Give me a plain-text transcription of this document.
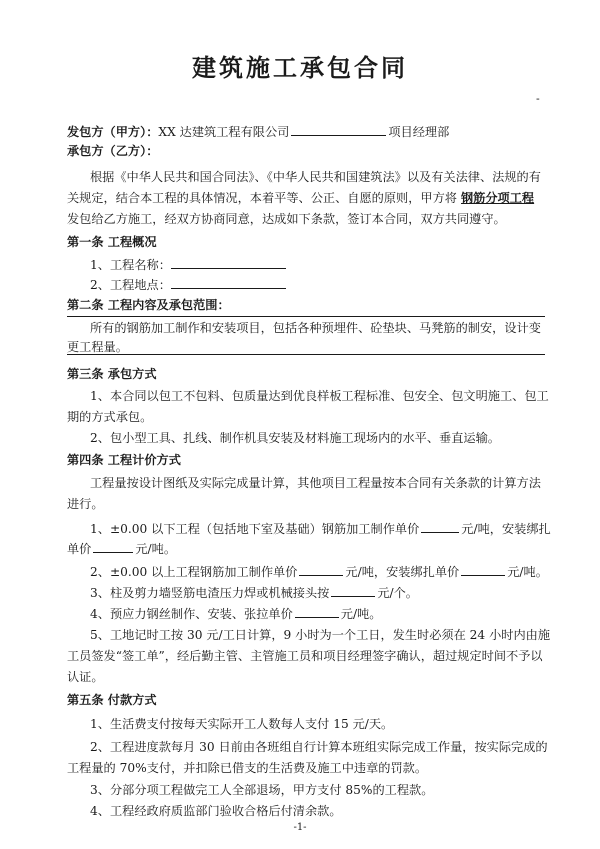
建筑施工承包合同
-
发包方（甲方）：XX 达建筑工程有限公司	项目经理部
承包方（乙方）：
根据《中华人民共和国合同法》、《中华人民共和国建筑法》以及有关法律、法规的有
关规定，结合本工程的具体情况，本着平等、公正、自愿的原则，甲方将 钢筋分项工程
发包给乙方施工，经双方协商同意，达成如下条款，签订本合同，双方共同遵守。
第一条 工程概况
1、工程名称：
2、工程地点：
第二条 工程内容及承包范围：
所有的钢筋加工制作和安装项目，包括各种预埋件、砼垫块、马凳筋的制安，设计变
更工程量。
第三条 承包方式
1、本合同以包工不包料、包质量达到优良样板工程标准、包安全、包文明施工、包工
期的方式承包。
2、包小型工具、扎线、制作机具安装及材料施工现场内的水平、垂直运输。
第四条 工程计价方式
工程量按设计图纸及实际完成量计算，其他项目工程量按本合同有关条款的计算方法
进行。
1、±0.00 以下工程（包括地下室及基础）钢筋加工制作单价	元/吨，安装绑扎
单价	元/吨。
2、±0.00 以上工程钢筋加工制作单价	元/吨，安装绑扎单价	元/吨。
3、柱及剪力墙竖筋电渣压力焊或机械接头按	元/个。
4、预应力钢丝制作、安装、张拉单价	元/吨。
5、工地记时工按 30 元/工日计算，9 小时为一个工日，发生时必须在 24 小时内由施
工员签发“签工单”，经后勤主管、主管施工员和项目经理签字确认，超过规定时间不予以
认证。
第五条 付款方式
1、生活费支付按每天实际开工人数每人支付 15 元/天。
2、工程进度款每月 30 日前由各班组自行计算本班组实际完成工作量，按实际完成的
工程量的 70%支付，并扣除已借支的生活费及施工中违章的罚款。
3、分部分项工程做完工人全部退场，甲方支付 85%的工程款。
4、工程经政府质监部门验收合格后付清余款。
-1-
